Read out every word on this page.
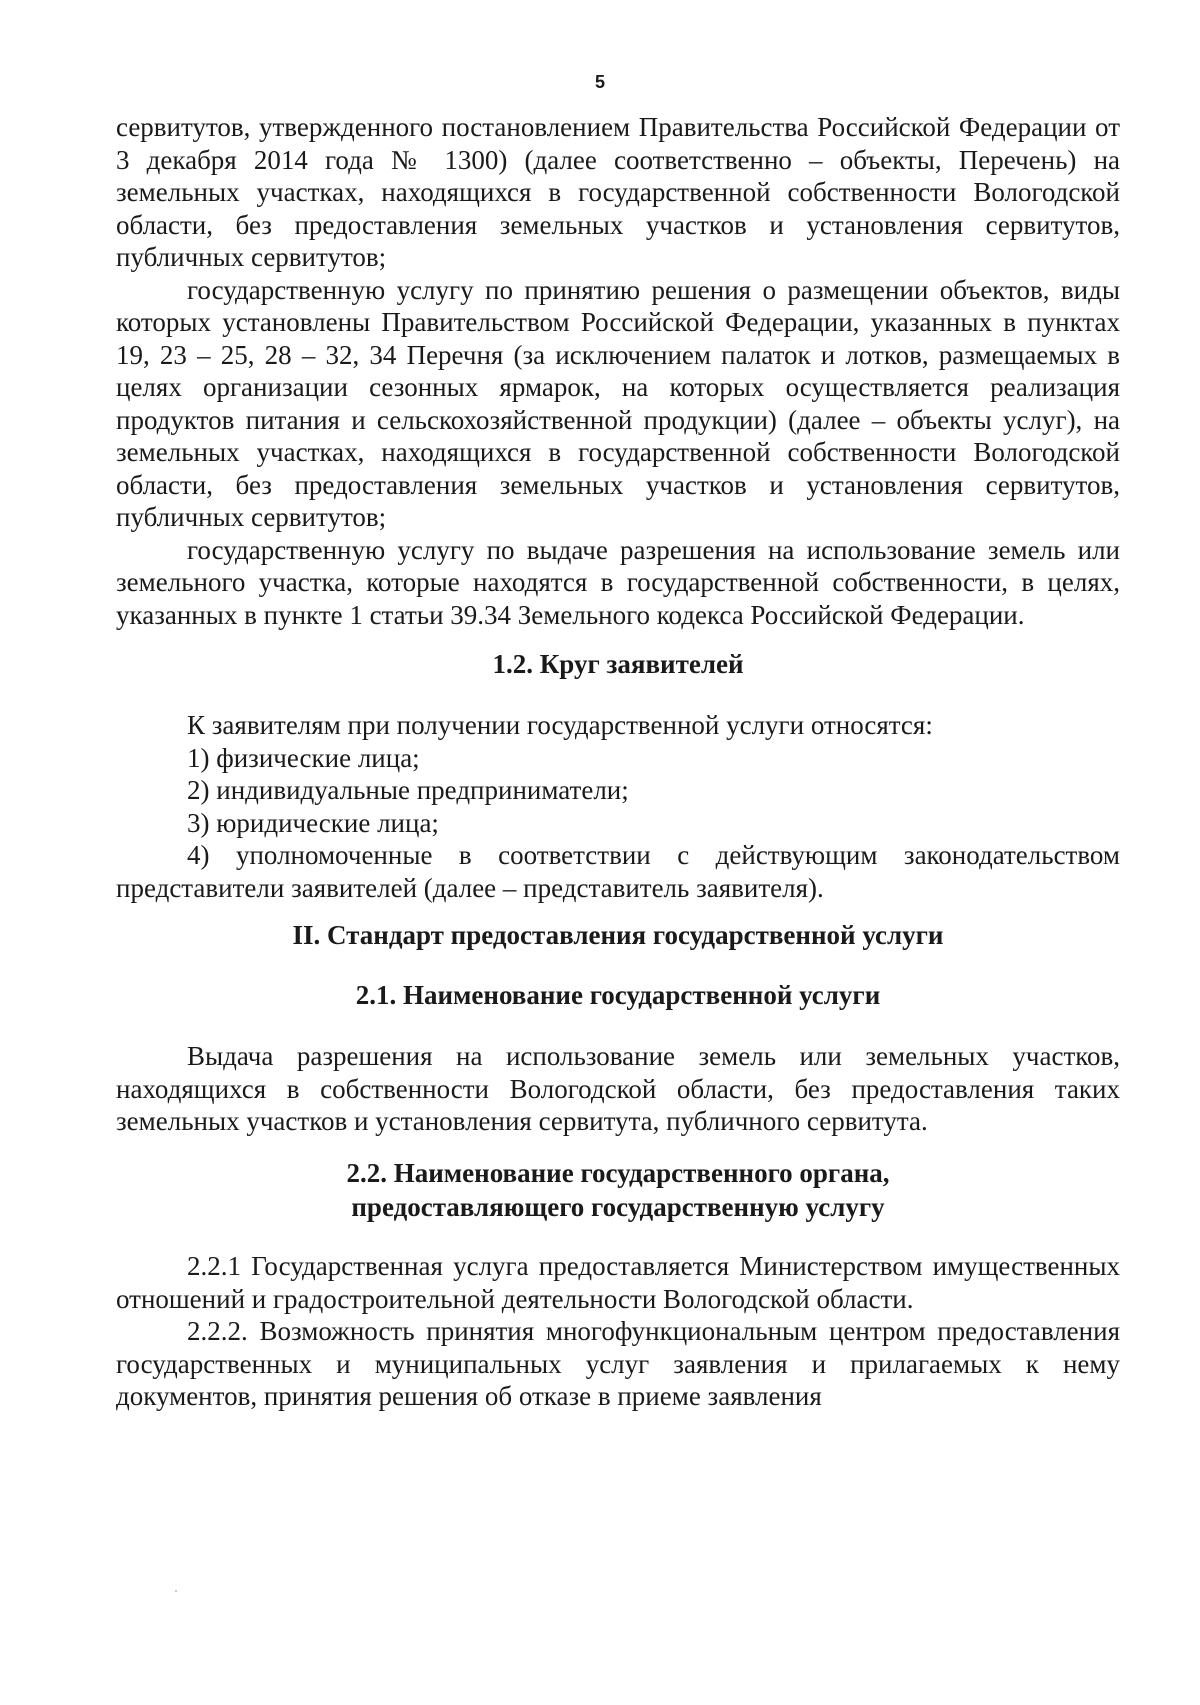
5

сервитутов, утвержденного постановлением Правительства Российской Федерации от 3 декабря 2014 года № 1300) (далее соответственно – объекты, Перечень) на земельных участках, находящихся в государственной собственности Вологодской области, без предоставления земельных участков и установления сервитутов, публичных сервитутов;

государственную услугу по принятию решения о размещении объектов, виды которых установлены Правительством Российской Федерации, указанных в пунктах 19, 23 – 25, 28 – 32, 34 Перечня (за исключением палаток и лотков, размещаемых в целях организации сезонных ярмарок, на которых осуществляется реализация продуктов питания и сельскохозяйственной продукции) (далее – объекты услуг), на земельных участках, находящихся в государственной собственности Вологодской области, без предоставления земельных участков и установления сервитутов, публичных сервитутов;

государственную услугу по выдаче разрешения на использование земель или земельного участка, которые находятся в государственной собственности, в целях, указанных в пункте 1 статьи 39.34 Земельного кодекса Российской Федерации.

1.2. Круг заявителей

К заявителям при получении государственной услуги относятся:

1) физические лица;

2) индивидуальные предприниматели;

3) юридические лица;

4) уполномоченные в соответствии с действующим законодательством представители заявителей (далее – представитель заявителя).

II. Стандарт предоставления государственной услуги
2.1. Наименование государственной услуги

Выдача разрешения на использование земель или земельных участков, находящихся в собственности Вологодской области, без предоставления таких земельных участков и установления сервитута, публичного сервитута.

2.2. Наименование государственного органа,
предоставляющего государственную услугу

2.2.1 Государственная услуга предоставляется Министерством имущественных отношений и градостроительной деятельности Вологодской области.

2.2.2. Возможность принятия многофункциональным центром предоставления государственных и муниципальных услуг заявления и прилагаемых к нему документов, принятия решения об отказе в приеме заявления
